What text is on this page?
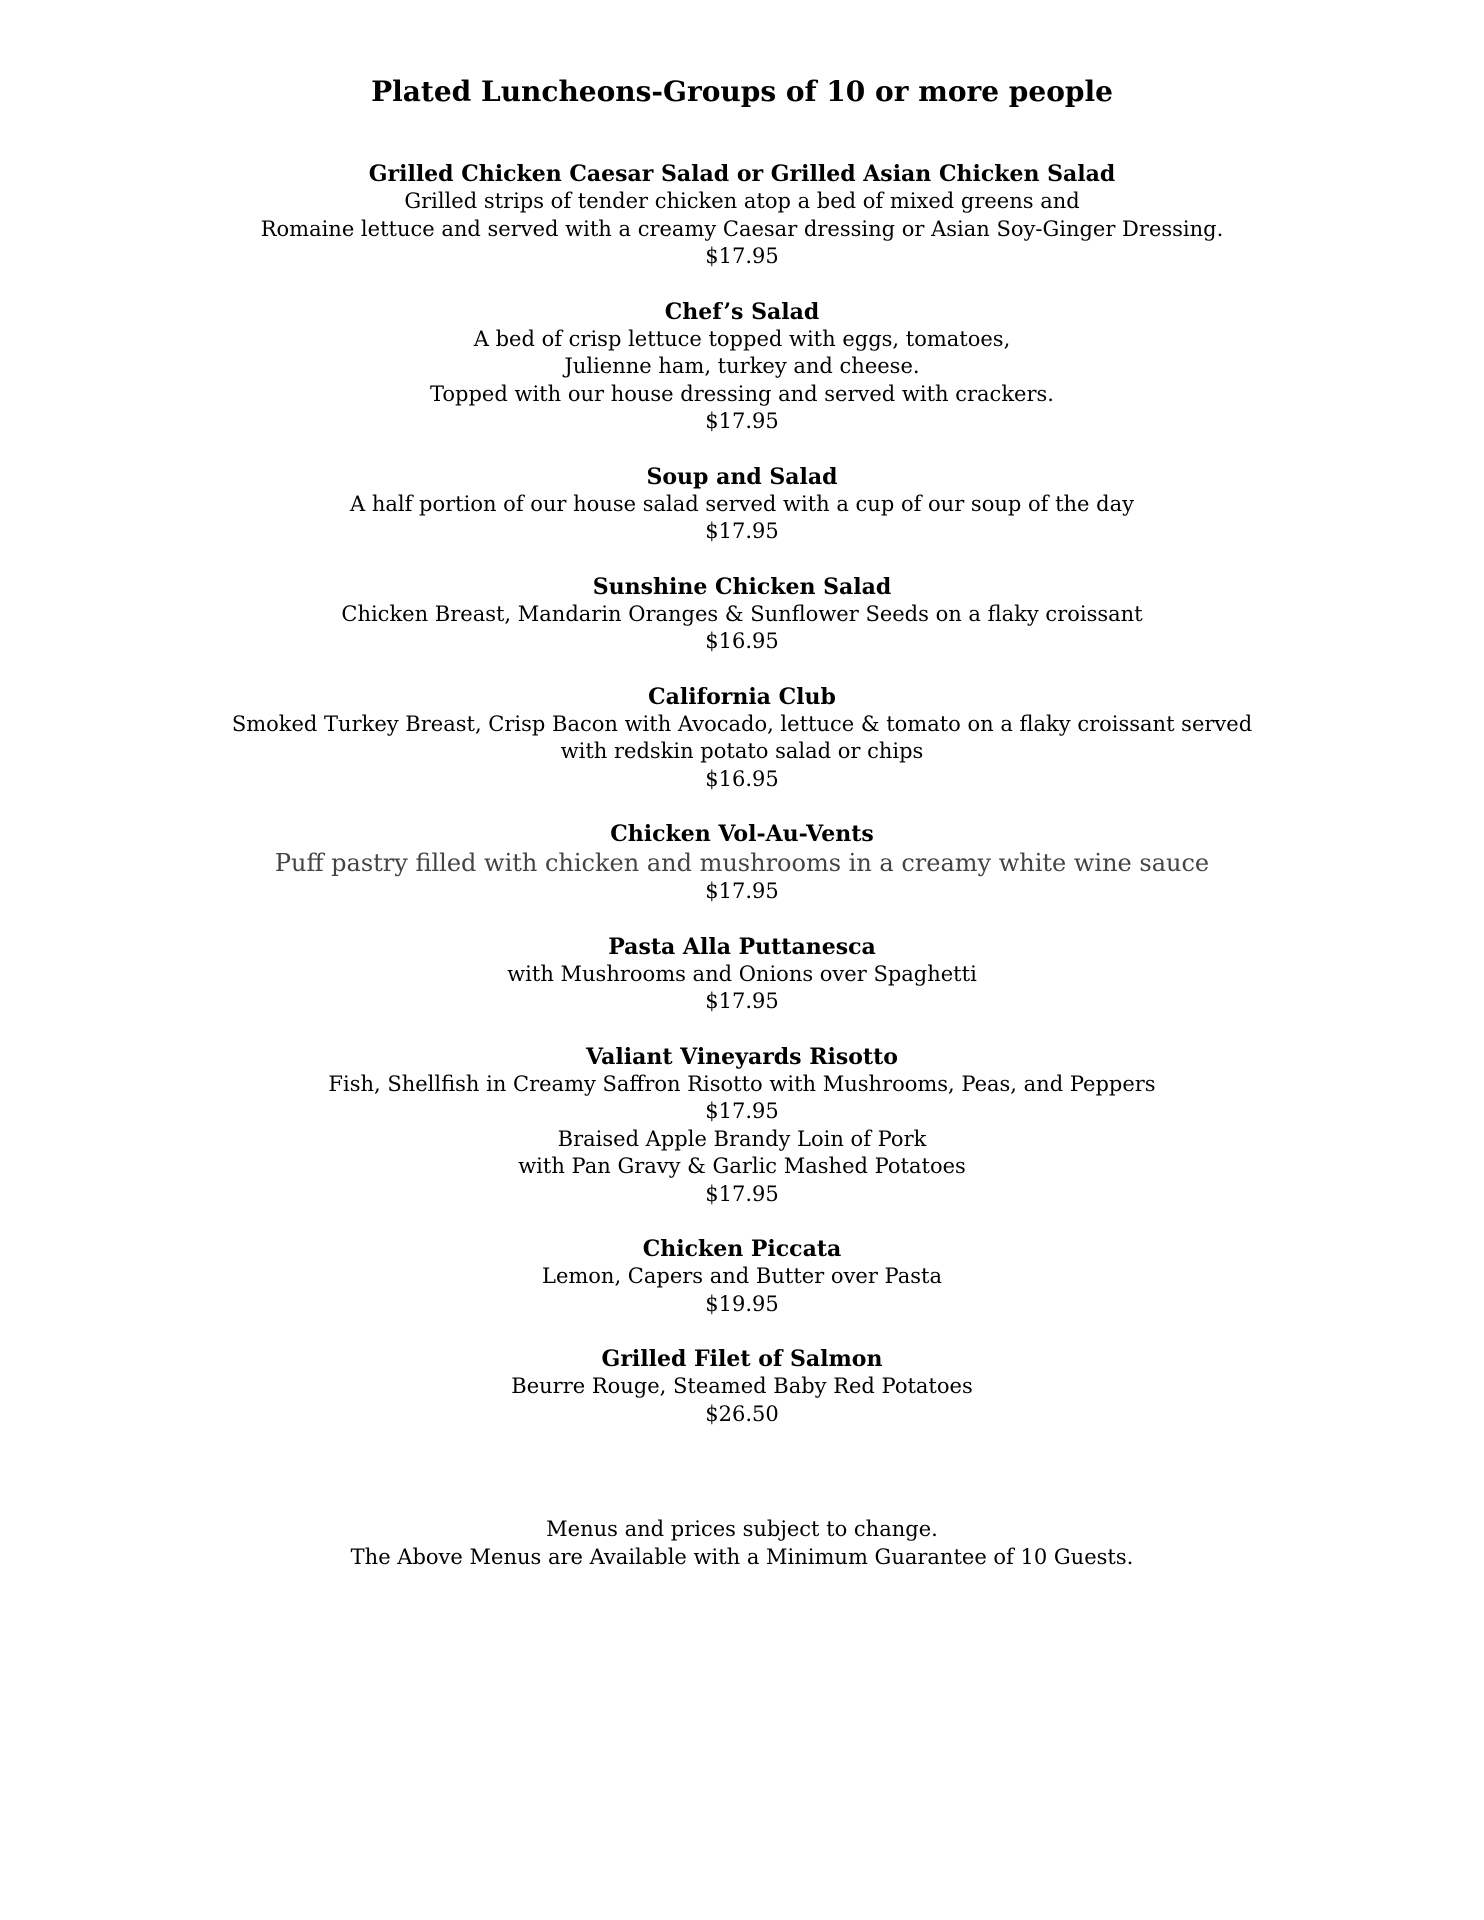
Plated Luncheons-Groups of 10 or more people
Grilled Chicken Caesar Salad or Grilled Asian Chicken Salad
Grilled strips of tender chicken atop a bed of mixed greens and
Romaine lettuce and served with a creamy Caesar dressing or Asian Soy-Ginger Dressing.
$17.95
Chef’s Salad
A bed of crisp lettuce topped with eggs, tomatoes,
Julienne ham, turkey and cheese.
Topped with our house dressing and served with crackers.
$17.95
Soup and Salad
A half portion of our house salad served with a cup of our soup of the day
$17.95
Sunshine Chicken Salad
Chicken Breast, Mandarin Oranges & Sunflower Seeds on a flaky croissant
$16.95
California Club
Smoked Turkey Breast, Crisp Bacon with Avocado, lettuce & tomato on a flaky croissant served
with redskin potato salad or chips
$16.95
Chicken Vol-Au-Vents
Puff pastry filled with chicken and mushrooms in a creamy white wine sauce
$17.95
Pasta Alla Puttanesca
with Mushrooms and Onions over Spaghetti
$17.95
Valiant Vineyards Risotto
Fish, Shellfish in Creamy Saffron Risotto with Mushrooms, Peas, and Peppers
$17.95
Braised Apple Brandy Loin of Pork
with Pan Gravy & Garlic Mashed Potatoes
$17.95
Chicken Piccata
Lemon, Capers and Butter over Pasta
$19.95
Grilled Filet of Salmon
Beurre Rouge, Steamed Baby Red Potatoes
$26.50
Menus and prices subject to change.
The Above Menus are Available with a Minimum Guarantee of 10 Guests.
